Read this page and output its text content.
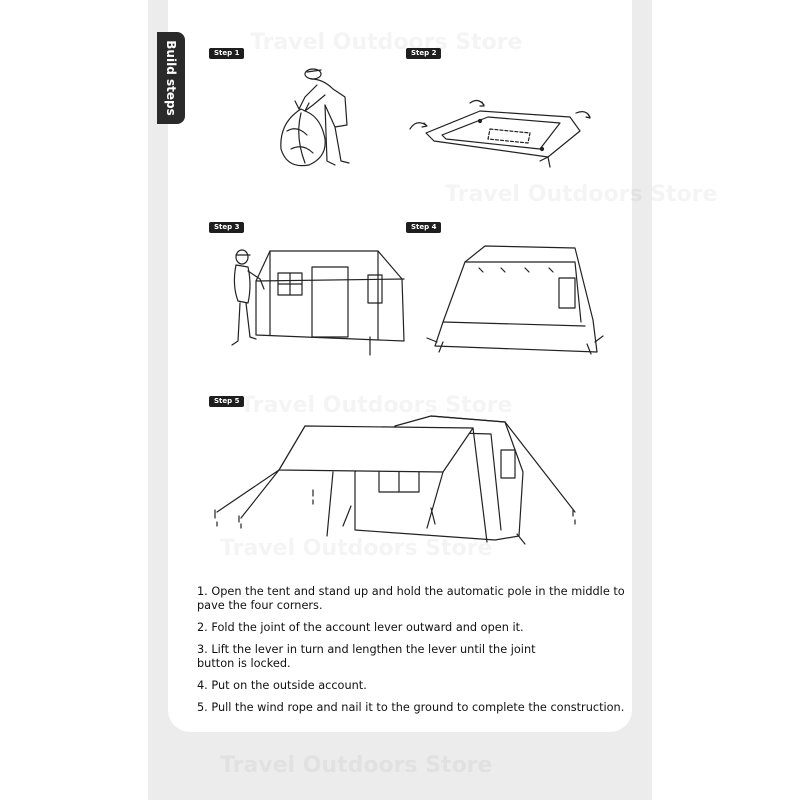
Build steps	Step 1	Step 2
Step 3	Step 4
Step 5

1. Open the tent and stand up and hold the automatic pole in the middle to pave the four corners.

2. Fold the joint of the account lever outward and open it.

3. Lift the lever in turn and lengthen the lever until the joint button is locked.

4. Put on the outside account.

5. Pull the wind rope and nail it to the ground to complete the construction.
